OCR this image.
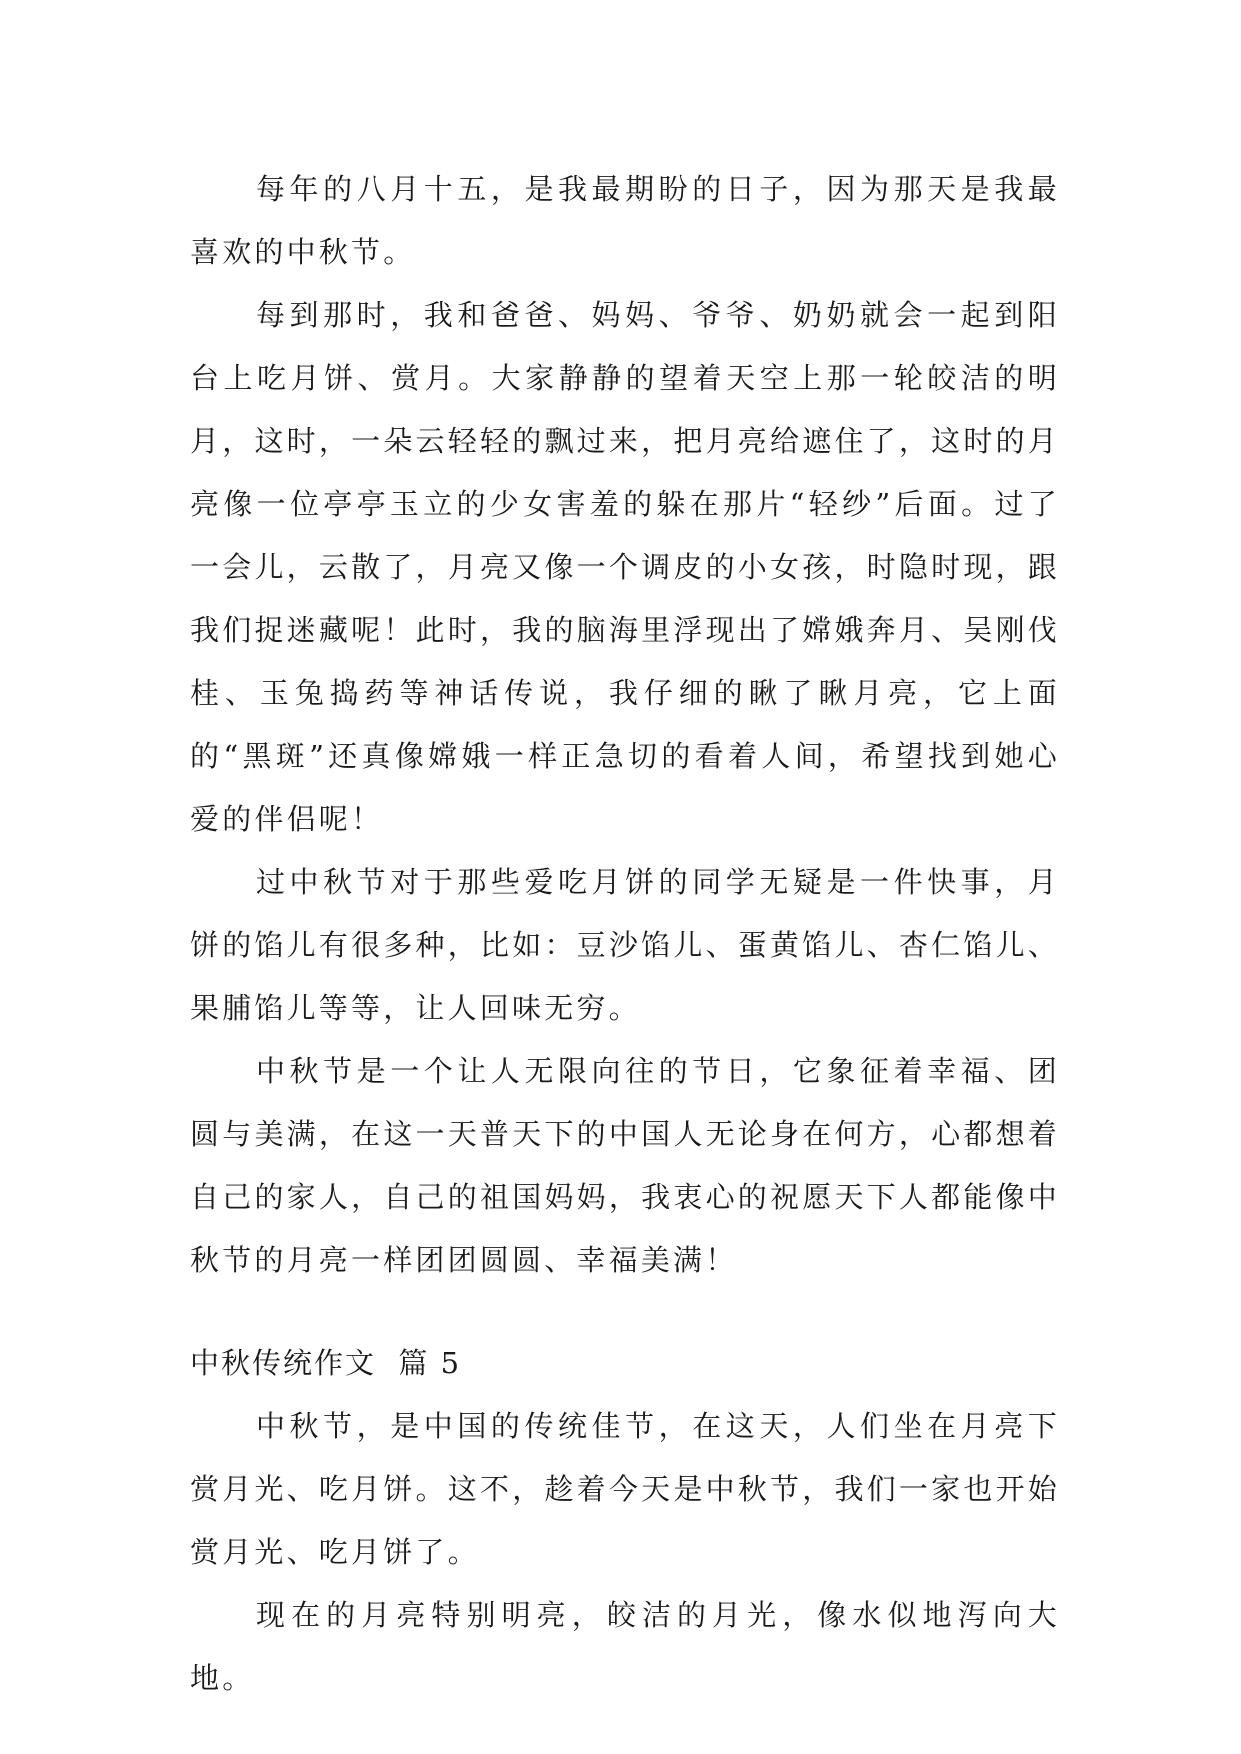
每年的八月十五，是我最期盼的日子，因为那天是我最喜欢的中秋节。

每到那时，我和爸爸、妈妈、爷爷、奶奶就会一起到阳台上吃月饼、赏月。大家静静的望着天空上那一轮皎洁的明月，这时，一朵云轻轻的飘过来，把月亮给遮住了，这时的月亮像一位亭亭玉立的少女害羞的躲在那片“轻纱”后面。过了一会儿，云散了，月亮又像一个调皮的小女孩，时隐时现，跟我们捉迷藏呢！此时，我的脑海里浮现出了嫦娥奔月、吴刚伐桂、玉兔捣药等神话传说，我仔细的瞅了瞅月亮，它上面的“黑斑”还真像嫦娥一样正急切的看着人间，希望找到她心爱的伴侣呢！

过中秋节对于那些爱吃月饼的同学无疑是一件快事，月饼的馅儿有很多种，比如：豆沙馅儿、蛋黄馅儿、杏仁馅儿、果脯馅儿等等，让人回味无穷。

中秋节是一个让人无限向往的节日，它象征着幸福、团圆与美满，在这一天普天下的中国人无论身在何方，心都想着自己的家人，自己的祖国妈妈，我衷心的祝愿天下人都能像中秋节的月亮一样团团圆圆、幸福美满！

中秋传统作文  篇 5

中秋节，是中国的传统佳节，在这天，人们坐在月亮下赏月光、吃月饼。这不，趁着今天是中秋节，我们一家也开始赏月光、吃月饼了。

现在的月亮特别明亮，皎洁的月光，像水似地泻向大地。
